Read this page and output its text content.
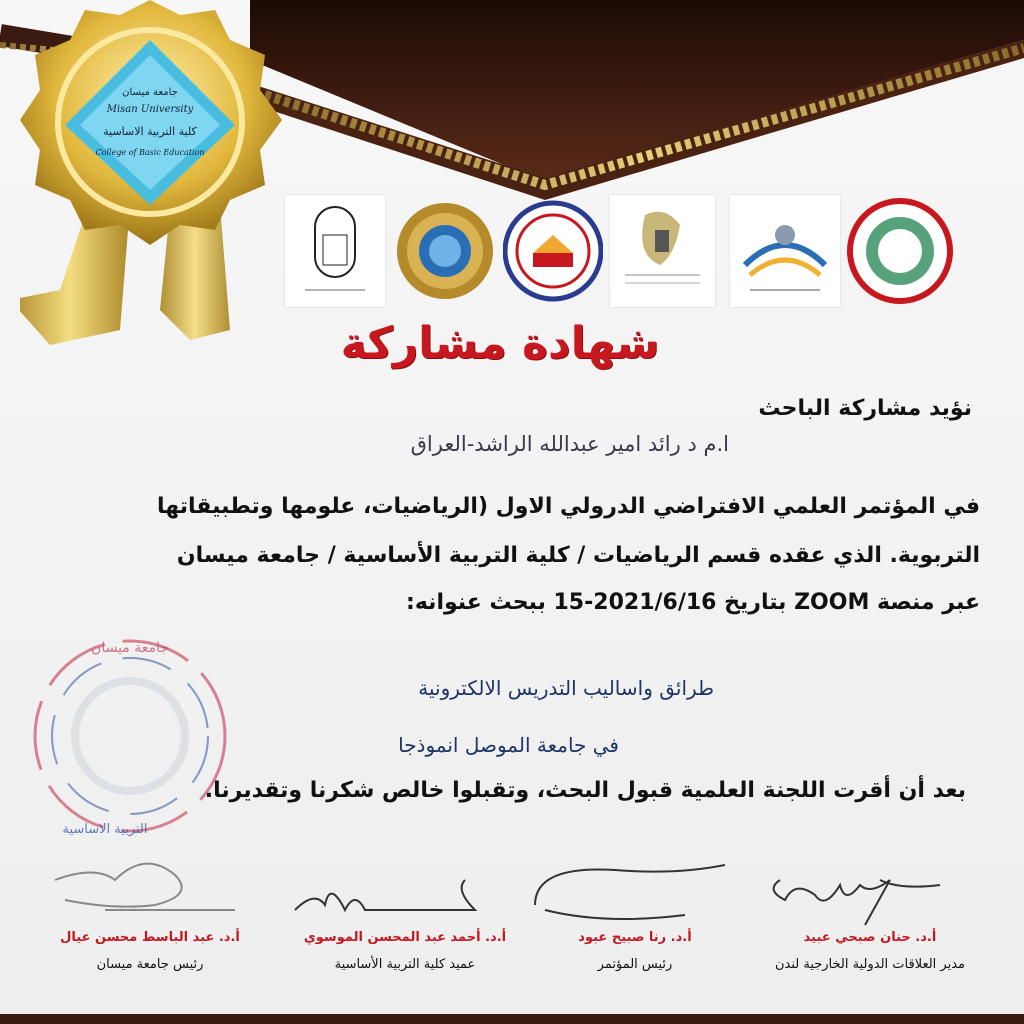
جامعة ميسان
Misan University
كلية التربية الاساسية
College of Basic Education
شهادة مشاركة
نؤيد مشاركة الباحث
ا.م د رائد امير عبدالله الراشد-العراق
في المؤتمر العلمي الافتراضي الدرولي الاول (الرياضيات، علومها وتطبيقاتها
التربوية. الذي عقده قسم الرياضيات / كلية التربية الأساسية / جامعة ميسان
عبر منصة ZOOM بتاريخ 2021/6/16-15 ببحث عنوانه:
جامعة ميسان
التربية الاساسية
طرائق واساليب التدريس الالكترونية
في جامعة الموصل انموذجا
بعد أن أقرت اللجنة العلمية قبول البحث، وتقبلوا خالص شكرنا وتقديرنا.
أ.د. حنان صبحي عبيد
مدير العلاقات الدولية الخارجية لندن
أ.د. رنا صبيح عبود
رئيس المؤتمر
أ.د. أحمد عبد المحسن الموسوي
عميد كلية التربية الأساسية
أ.د. عبد الباسط محسن عيال
رئيس جامعة ميسان
